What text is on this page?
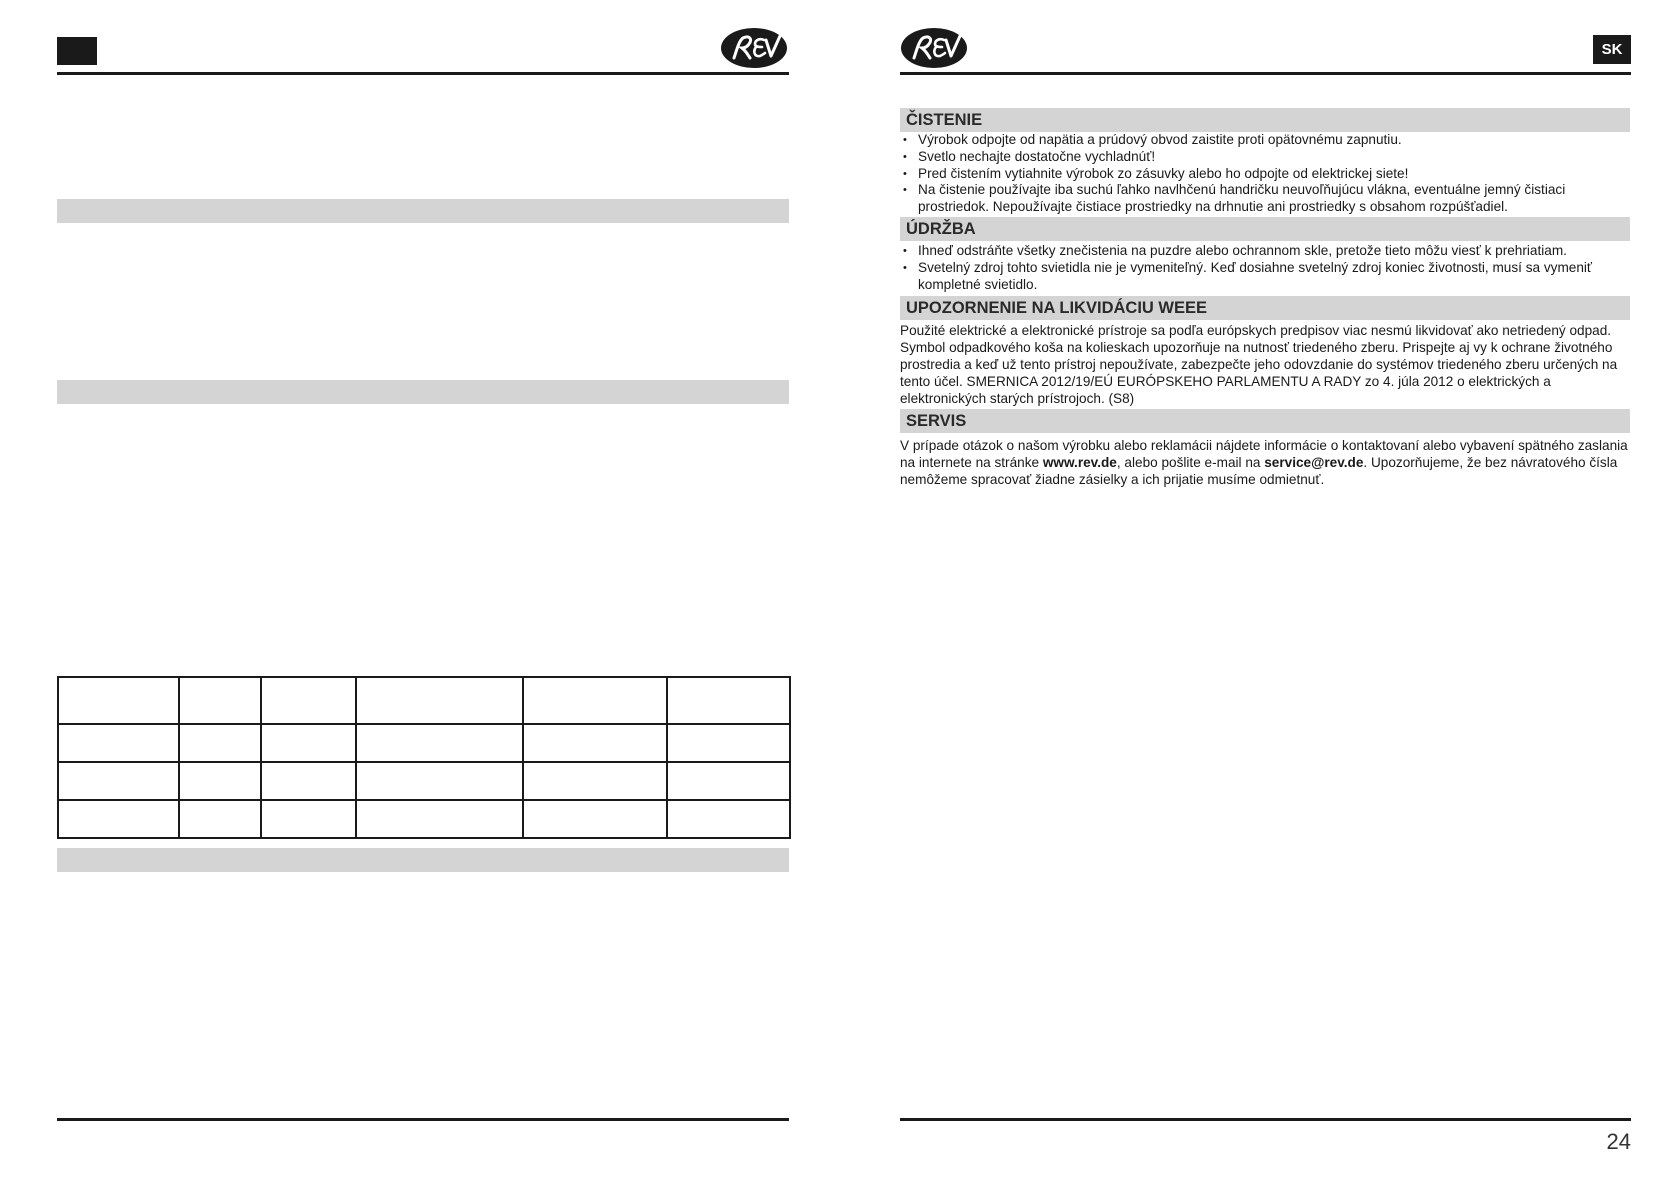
SK
ČISTENIE
• Výrobok odpojte od napätia a prúdový obvod zaistite proti opätovnému zapnutiu.
• Svetlo nechajte dostatočne vychladnúť!
• Pred čistením vytiahnite výrobok zo zásuvky alebo ho odpojte od elektrickej siete!
• Na čistenie používajte iba suchú ľahko navlhčenú handričku neuvoľňujúcu vlákna, eventuálne jemný čistiaci prostriedok. Nepoužívajte čistiace prostriedky na drhnutie ani prostriedky s obsahom rozpúšťadiel.
ÚDRŽBA
• Ihneď odstráňte všetky znečistenia na puzdre alebo ochrannom skle, pretože tieto môžu viesť k prehriatiam.
• Svetelný zdroj tohto svietidla nie je vymeniteľný. Keď dosiahne svetelný zdroj koniec životnosti, musí sa vymeniť kompletné svietidlo.
UPOZORNENIE NA LIKVIDÁCIU WEEE
Použité elektrické a elektronické prístroje sa podľa európskych predpisov viac nesmú likvidovať ako netriedený odpad. Symbol odpadkového koša na kolieskach upozorňuje na nutnosť triedeného zberu. Prispejte aj vy k ochrane životného prostredia a keď už tento prístroj nepoužívate, zabezpečte jeho odovzdanie do systémov triedeného zberu určených na tento účel. SMERNICA 2012/19/EÚ EURÓPSKEHO PARLAMENTU A RADY zo 4. júla 2012 o elektrických a elektronických starých prístrojoch. (S8)
SERVIS
V prípade otázok o našom výrobku alebo reklamácii nájdete informácie o kontaktovaní alebo vybavení spätného zaslania na internete na stránke www.rev.de, alebo pošlite e-mail na service@rev.de. Upozorňujeme, že bez návratového čísla nemôžeme spracovať žiadne zásielky a ich prijatie musíme odmietnuť.
24
